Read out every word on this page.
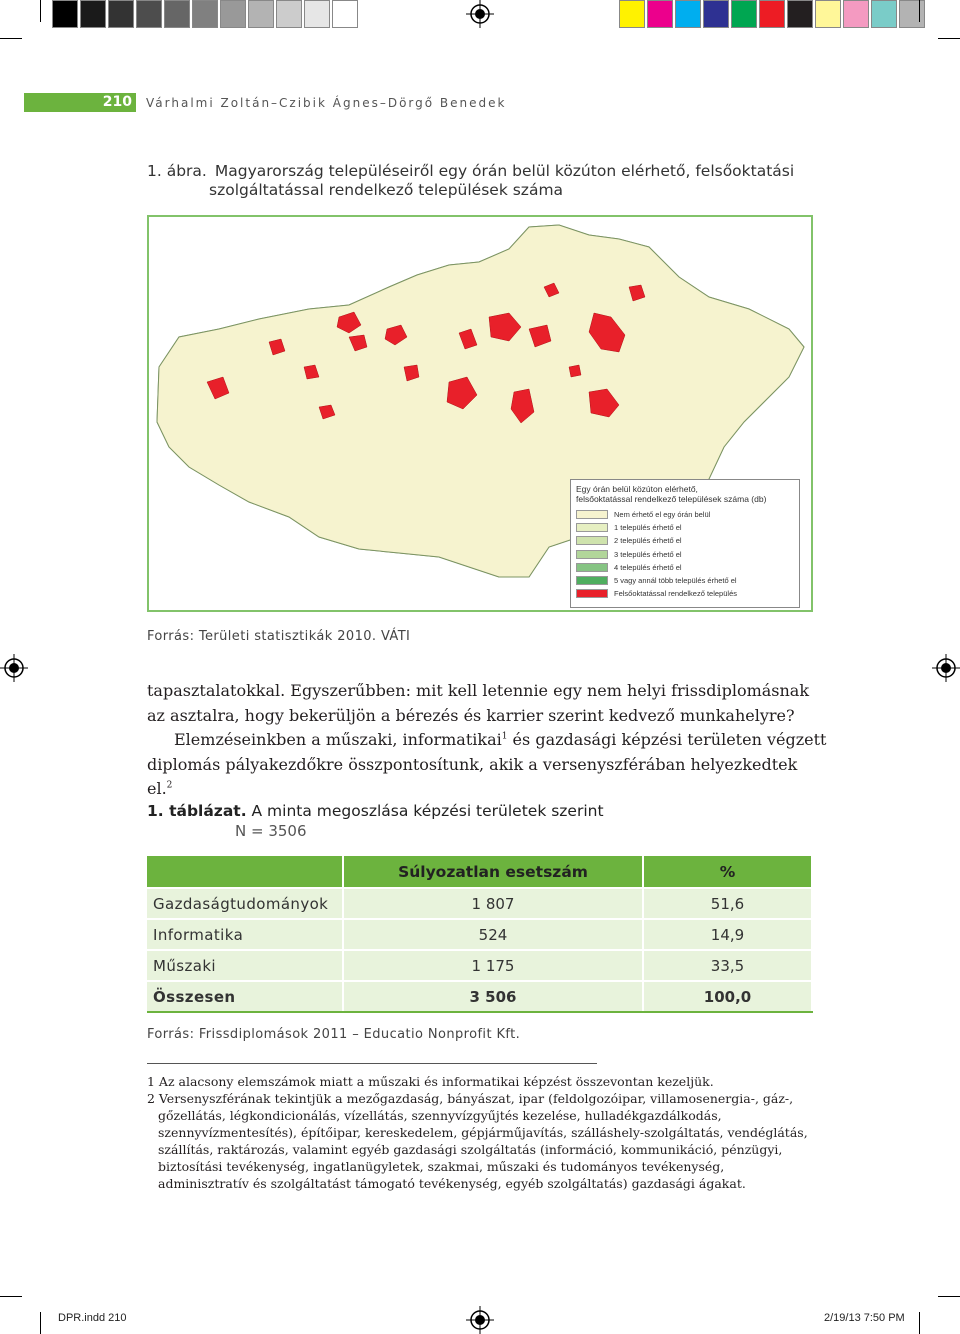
210 Várhalmi Zoltán–Czibik Ágnes–Dörgő Benedek
1. ábra. Magyarország településeiről egy órán belül közúton elérhető, felsőoktatási
szolgáltatással rendelkező települések száma
Egy órán belül közúton elérhető,
felsőoktatással rendelkező települések száma (db)
Nem érhető el egy órán belül
1 település érhető el
2 település érhető el
3 település érhető el
4 település érhető el
5 vagy annál több település érhető el
Felsőoktatással rendelkező település
Forrás: Területi statisztikák 2010. VÁTI

tapasztalatokkal. Egyszerűbben: mit kell letennie egy nem helyi frissdiplomásnak az asztalra, hogy bekerüljön a bérezés és karrier szerint kedvező munkahelyre?

Elemzéseinkben a műszaki, informatikai$^1$ és gazdasági képzési területen végzett diplomás pályakezdőkre összpontosítunk, akik a versenyszférában helyezkedtek el.$^2$

1. táblázat. A minta megoszlása képzési területek szerint
N = 3506
	Súlyozatlan esetszám	%
Gazdaságtudományok	1 807	51,6
Informatika	524	14,9
Műszaki	1 175	33,5
Összesen	3 506	100,0
Forrás: Frissdiplomások 2011 – Educatio Nonprofit Kft.

1 Az alacsony elemszámok miatt a műszaki és informatikai képzést összevontan kezeljük.

2 Versenyszférának tekintjük a mezőgazdaság, bányászat, ipar (feldolgozóipar, villamosenergia-, gáz-, gőzellátás, légkondicionálás, vízellátás, szennyvízgyűjtés kezelése, hulladékgazdálkodás, szennyvízmentesítés), építőipar, kereskedelem, gépjárműjavítás, szálláshely-szolgáltatás, vendéglátás, szállítás, raktározás, valamint egyéb gazdasági szolgáltatás (információ, kommunikáció, pénzügyi, biztosítási tevékenység, ingatlanügyletek, szakmai, műszaki és tudományos tevékenység, adminisztratív és szolgáltatást támogató tevékenység, egyéb szolgáltatás) gazdasági ágakat.

DPR.indd 210	2/19/13 7:50 PM
